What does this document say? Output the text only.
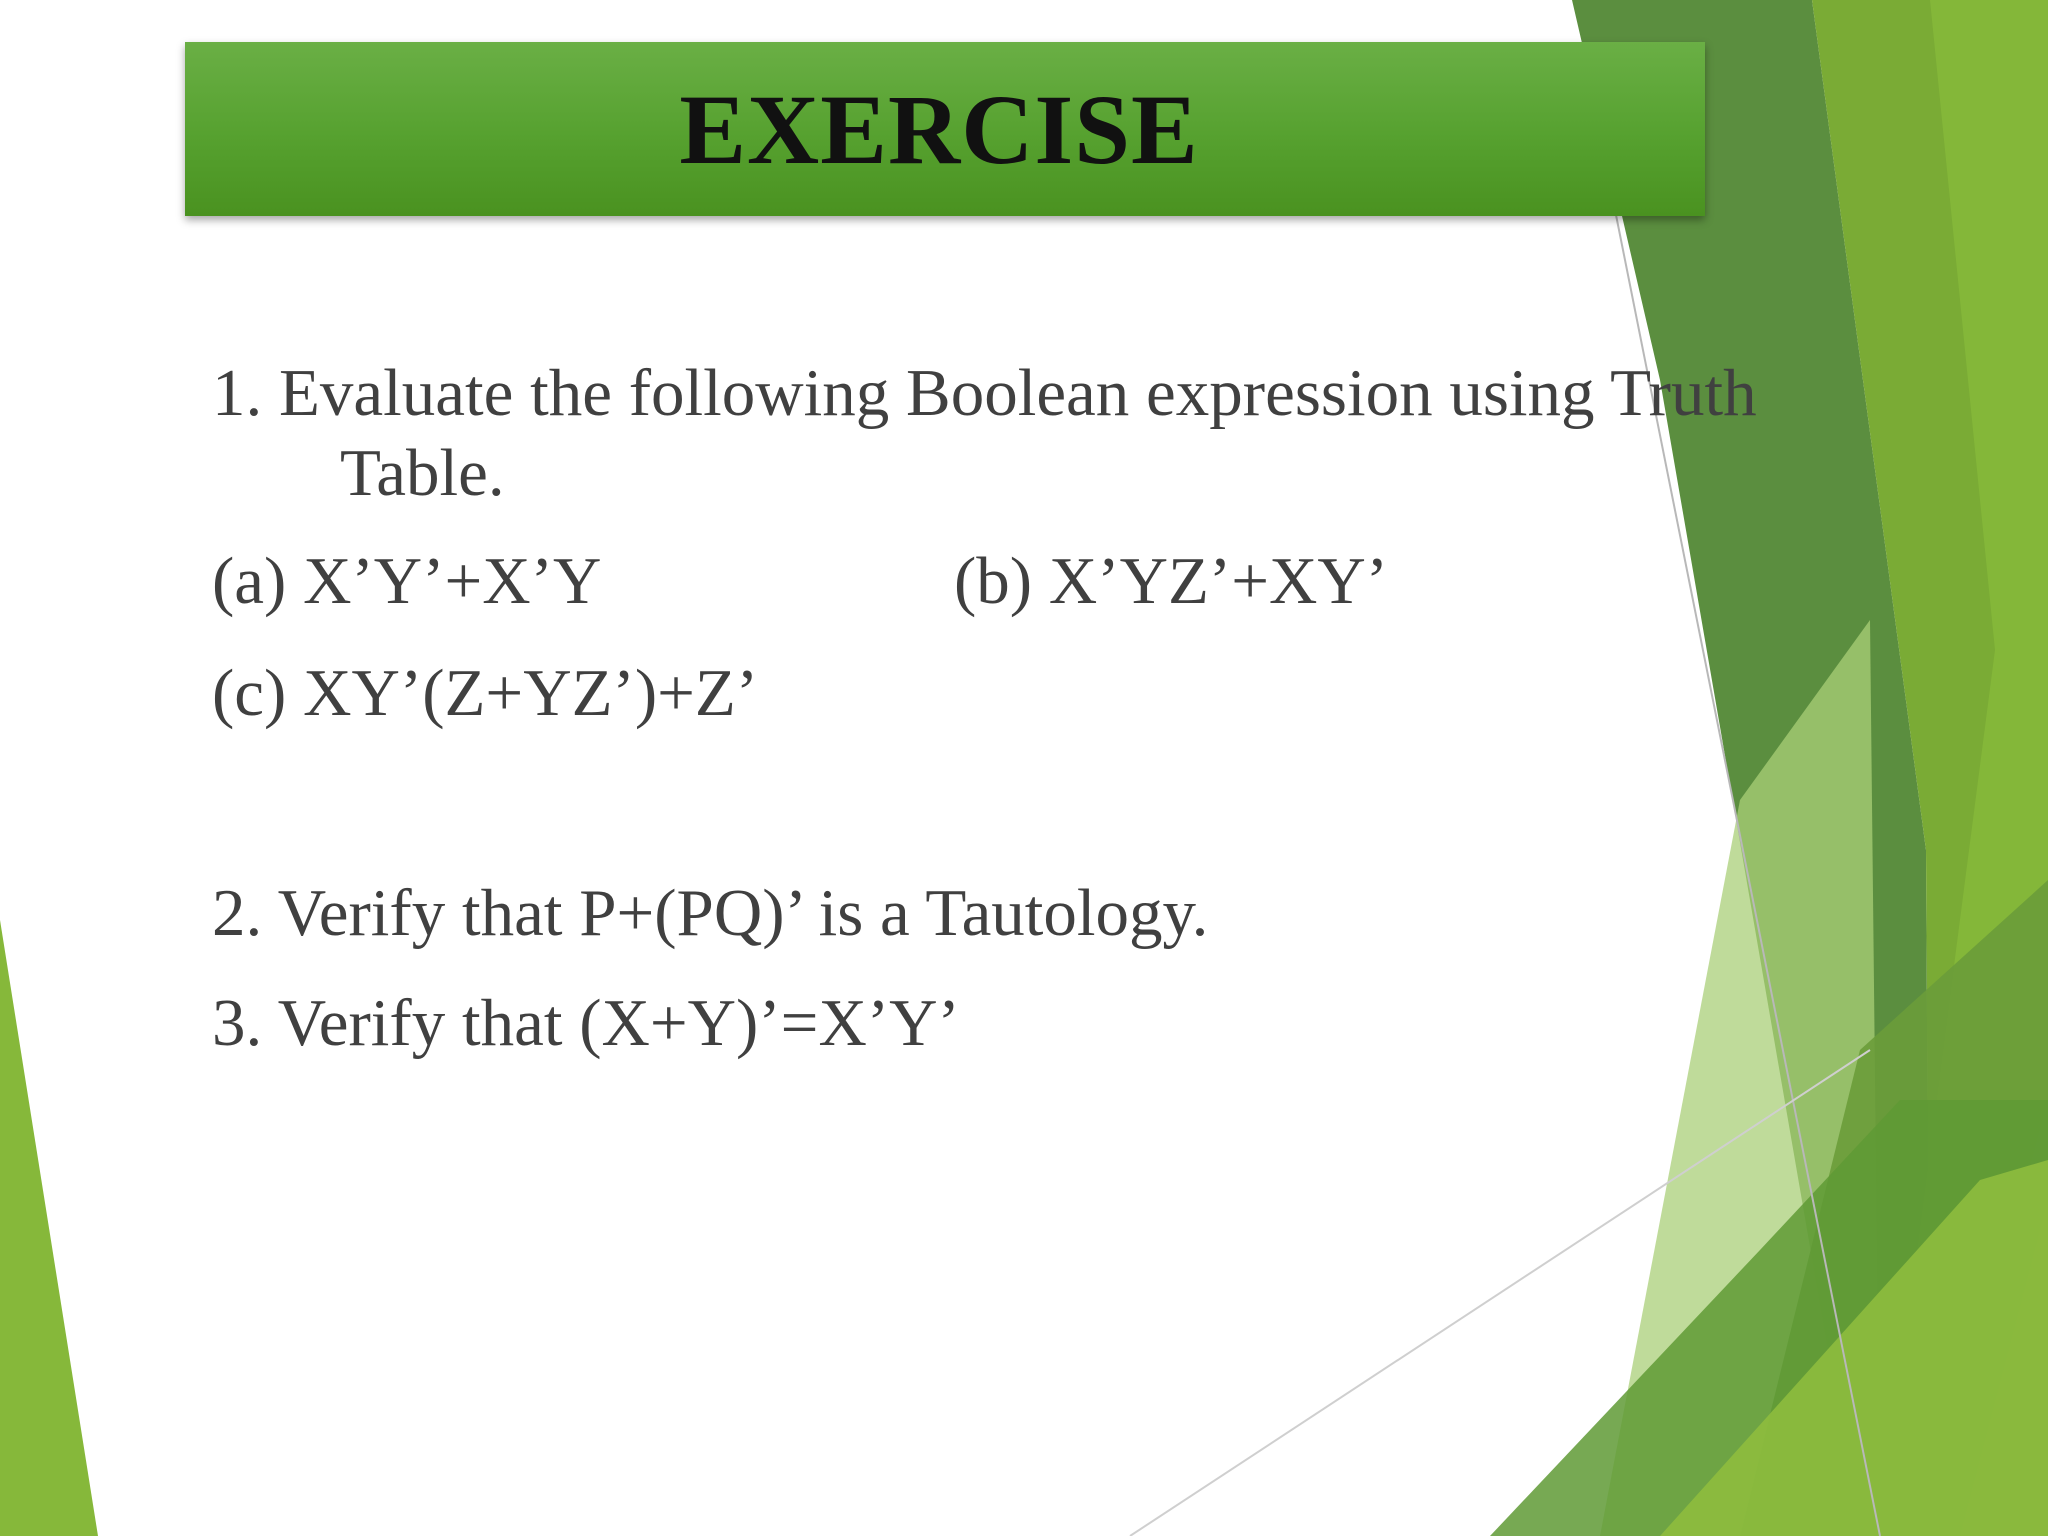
EXERCISE
1. Evaluate the following Boolean expression using Truth
Table.
(a) X’Y’+X’Y	(b) X’YZ’+XY’
(c) XY’(Z+YZ’)+Z’
2. Verify that P+(PQ)’ is a Tautology.
3. Verify that (X+Y)’=X’Y’
